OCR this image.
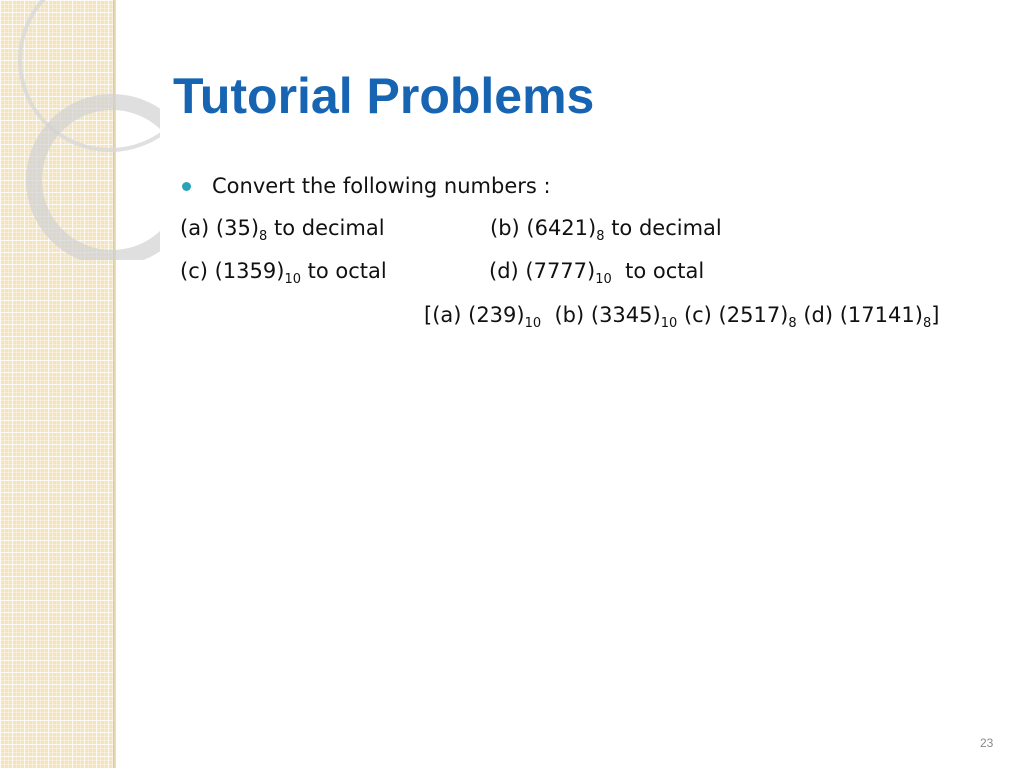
Tutorial Problems
Convert the following numbers :
(a) $(35)_8$ to decimal	(b) $(6421)_8$ to decimal
(c) $(1359)_{10}$ to octal	(d) $(7777)_{10}$  to octal
[(a) $(239)_{10}$  (b) $(3345)_{10}$ (c) $(2517)_8$ (d) $(17141)_8$]
23
